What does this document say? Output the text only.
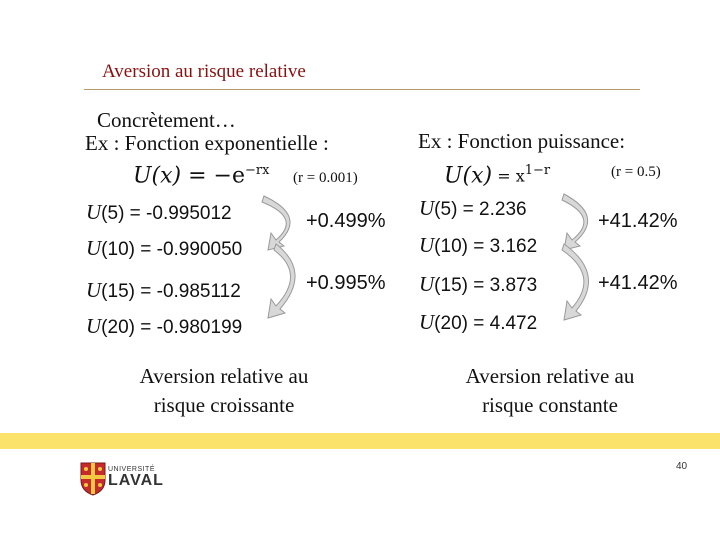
Aversion au risque relative
Concrètement…
Ex : Fonction exponentielle :
$U(x) = -e^{-rx}$ (r = 0.001)
U(5) = -0.995012
U(10) = -0.990050
U(15) = -0.985112
U(20) = -0.980199
+0.499%
+0.995%
Aversion relative au
risque croissante
Ex : Fonction puissance:
$U(x) = x^{1-r}$	(r = 0.5)
U(5) = 2.236
U(10) = 3.162
U(15) = 3.873
U(20) = 4.472
+41.42%
+41.42%
Aversion relative au
risque constante
40
UNIVERSITÉ
LAVAL
